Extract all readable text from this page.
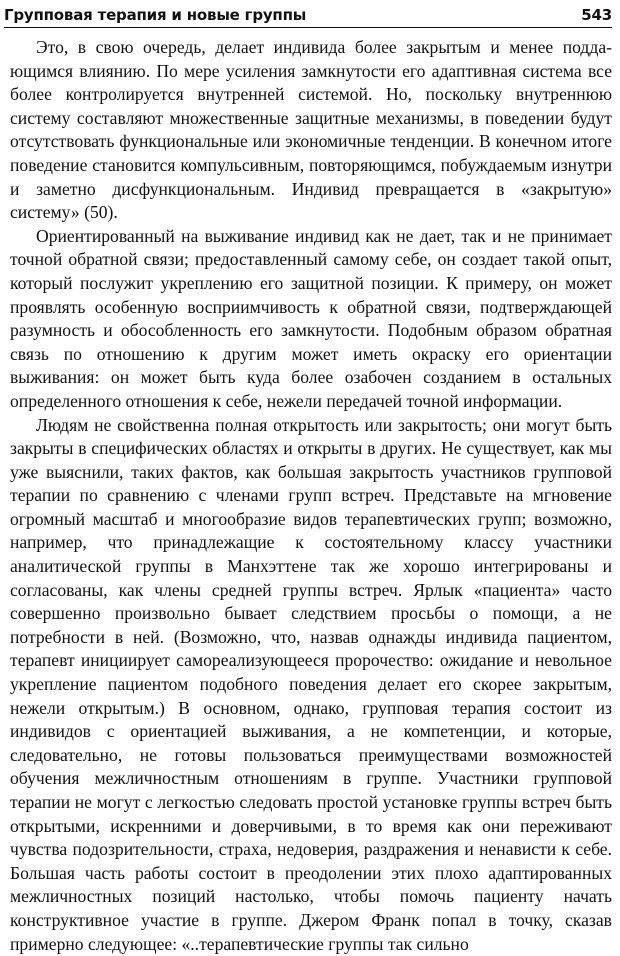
Групповая терапия и новые группы	543

Это, в свою очередь, делает индивида более закрытым и менее поддающимся влиянию. По мере усиления замкнутости его адаптивная система все более контролируется внутренней системой. Но, поскольку внутреннюю систему составляют множественные защитные механизмы, в поведении будут отсутствовать функциональные или экономичные тенденции. В конечном итоге поведение становится компульсивным, повторяющимся, побуждаемым изнутри и заметно дисфункциональным. Индивид превращается в «закрытую» систему» (50).

Ориентированный на выживание индивид как не дает, так и не принимает точной обратной связи; предоставленный самому себе, он создает такой опыт, который послужит укреплению его защитной позиции. К примеру, он может проявлять особенную восприимчивость к обратной связи, подтверждающей разумность и обособленность его замкнутости. Подобным образом обратная связь по отношению к другим может иметь окраску его ориентации выживания: он может быть куда более озабочен созданием в остальных определенного отношения к себе, нежели передачей точной информации.

Людям не свойственна полная открытость или закрытость; они могут быть закрыты в специфических областях и открыты в других. Не существует, как мы уже выяснили, таких фактов, как большая закрытость участников групповой терапии по сравнению с членами групп встреч. Представьте на мгновение огромный масштаб и многообразие видов терапевтических групп; возможно, например, что принадлежащие к состоятельному классу участники аналитической группы в Манхэттене так же хорошо интегрированы и согласованы, как члены средней группы встреч. Ярлык «пациента» часто совершенно произвольно бывает следствием просьбы о помощи, а не потребности в ней. (Возможно, что, назвав однажды индивида пациентом, терапевт инициирует самореализующееся пророчество: ожидание и невольное укрепление пациентом подобного поведения делает его скорее закрытым, нежели открытым.) В основном, однако, групповая терапия состоит из индивидов с ориентацией выживания, а не компетенции, и которые, следовательно, не готовы пользоваться преимуществами возможностей обучения межличностным отношениям в группе. Участники групповой терапии не могут с легкостью следовать простой установке группы встреч быть открытыми, искренними и доверчивыми, в то время как они переживают чувства подозрительности, страха, недоверия, раздражения и ненависти к себе. Большая часть работы состоит в преодолении этих плохо адаптированных межличностных позиций настолько, чтобы помочь пациенту начать конструктивное участие в группе. Джером Франк попал в точку, сказав примерно следующее: «..терапевтические группы так сильно
